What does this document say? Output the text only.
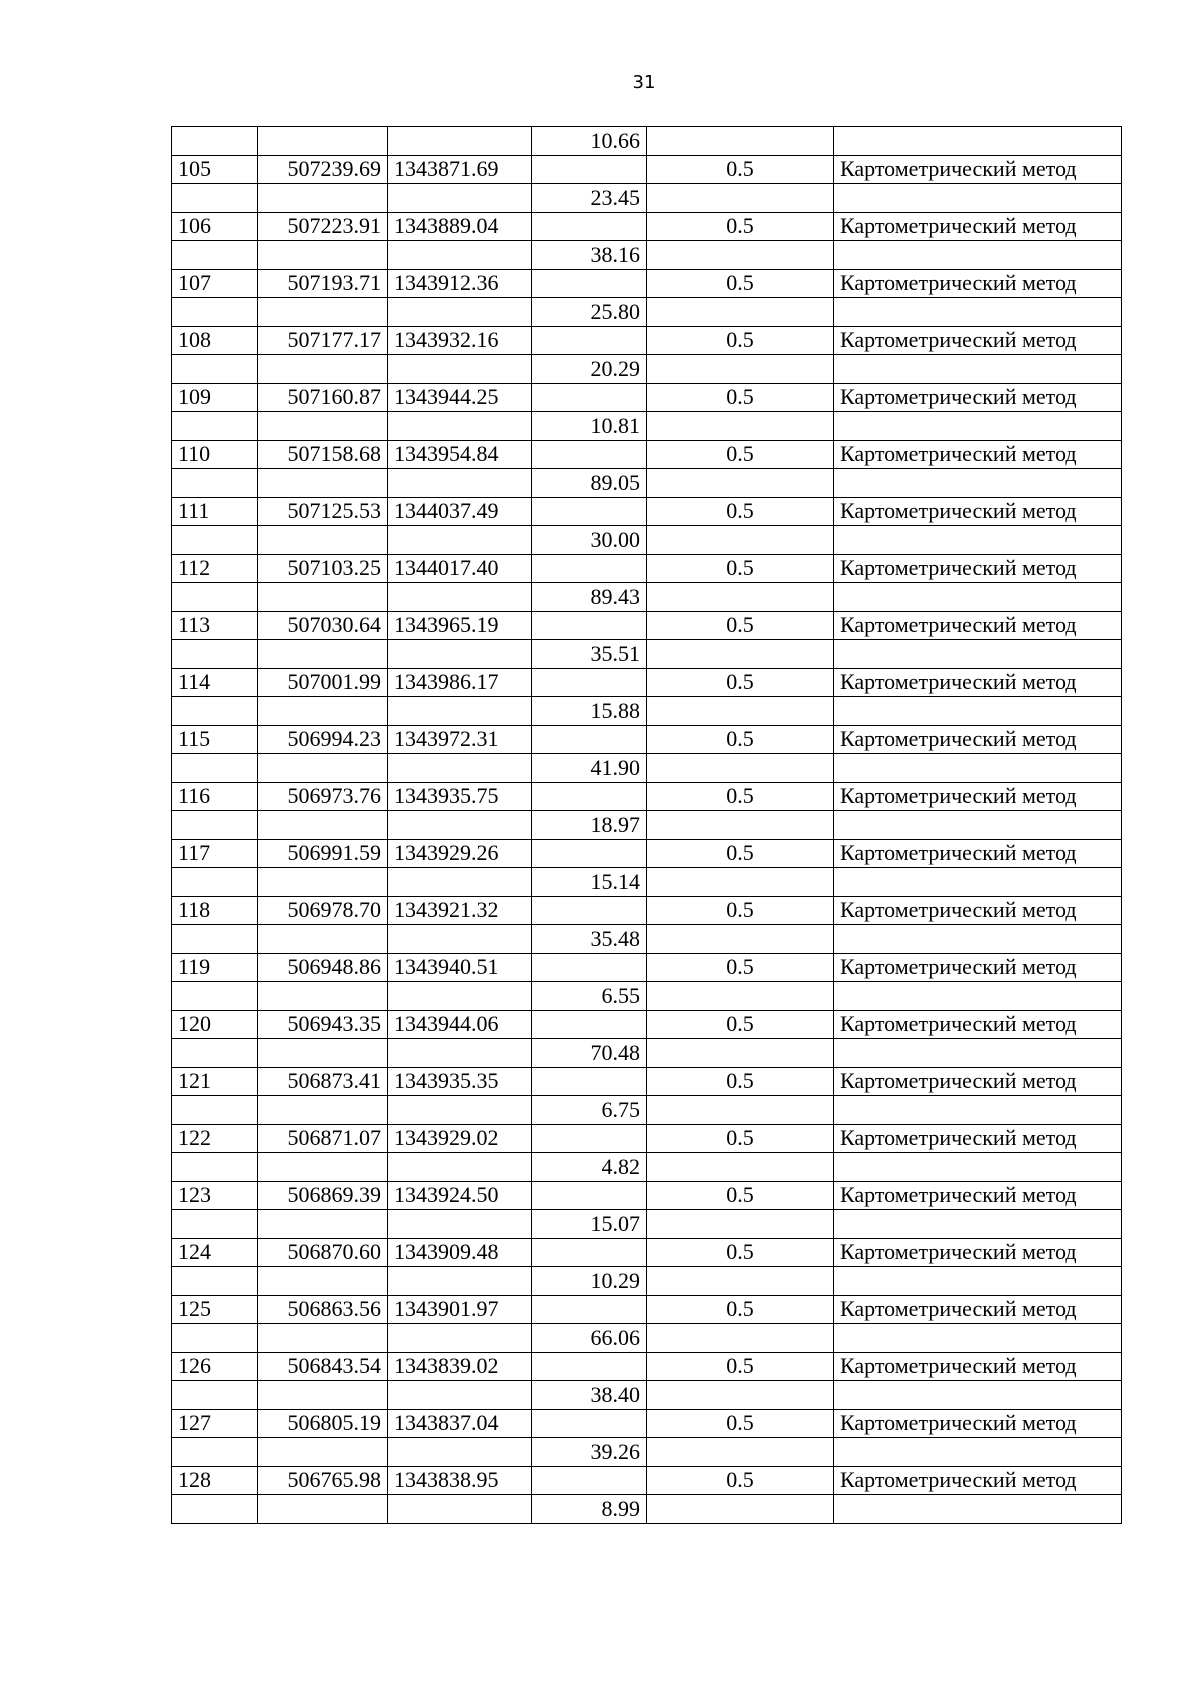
31
			10.66		
105	507239.69	1343871.69		0.5	Картометрический метод
			23.45		
106	507223.91	1343889.04		0.5	Картометрический метод
			38.16		
107	507193.71	1343912.36		0.5	Картометрический метод
			25.80		
108	507177.17	1343932.16		0.5	Картометрический метод
			20.29		
109	507160.87	1343944.25		0.5	Картометрический метод
			10.81		
110	507158.68	1343954.84		0.5	Картометрический метод
			89.05		
111	507125.53	1344037.49		0.5	Картометрический метод
			30.00		
112	507103.25	1344017.40		0.5	Картометрический метод
			89.43		
113	507030.64	1343965.19		0.5	Картометрический метод
			35.51		
114	507001.99	1343986.17		0.5	Картометрический метод
			15.88		
115	506994.23	1343972.31		0.5	Картометрический метод
			41.90		
116	506973.76	1343935.75		0.5	Картометрический метод
			18.97		
117	506991.59	1343929.26		0.5	Картометрический метод
			15.14		
118	506978.70	1343921.32		0.5	Картометрический метод
			35.48		
119	506948.86	1343940.51		0.5	Картометрический метод
			6.55		
120	506943.35	1343944.06		0.5	Картометрический метод
			70.48		
121	506873.41	1343935.35		0.5	Картометрический метод
			6.75		
122	506871.07	1343929.02		0.5	Картометрический метод
			4.82		
123	506869.39	1343924.50		0.5	Картометрический метод
			15.07		
124	506870.60	1343909.48		0.5	Картометрический метод
			10.29		
125	506863.56	1343901.97		0.5	Картометрический метод
			66.06		
126	506843.54	1343839.02		0.5	Картометрический метод
			38.40		
127	506805.19	1343837.04		0.5	Картометрический метод
			39.26		
128	506765.98	1343838.95		0.5	Картометрический метод
			8.99		
